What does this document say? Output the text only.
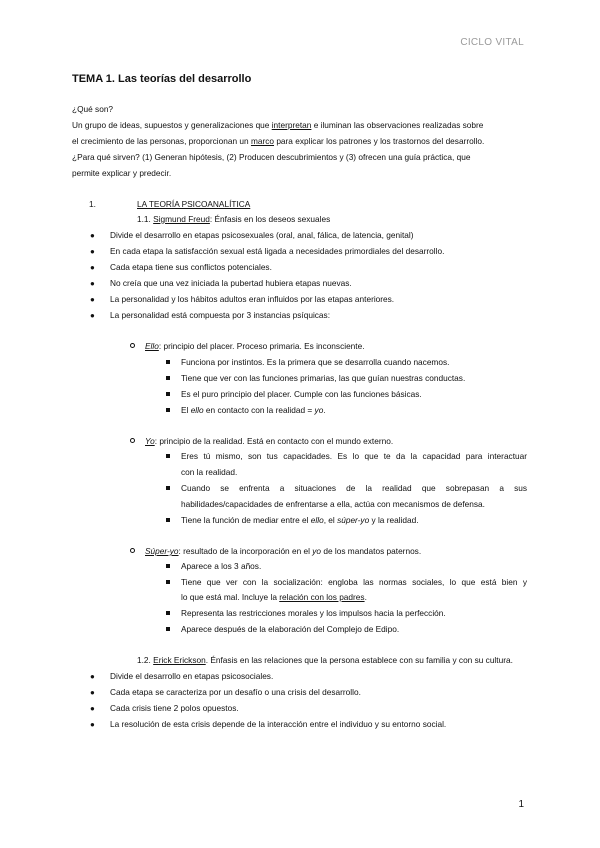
CICLO VITAL
TEMA 1. Las teorías del desarrollo
¿Qué son?
Un grupo de ideas, supuestos y generalizaciones que interpretan e iluminan las observaciones realizadas sobre
el crecimiento de las personas, proporcionan un marco para explicar los patrones y los trastornos del desarrollo.
¿Para qué sirven? (1) Generan hipótesis, (2) Producen descubrimientos y (3) ofrecen una guía práctica, que
permite explicar y predecir.
1.	LA TEORÍA PSICOANALÍTICA
1.1. Sigmund Freud: Énfasis en los deseos sexuales
● Divide el desarrollo en etapas psicosexuales (oral, anal, fálica, de latencia, genital)
● En cada etapa la satisfacción sexual está ligada a necesidades primordiales del desarrollo.
● Cada etapa tiene sus conflictos potenciales.
● No creía que una vez iniciada la pubertad hubiera etapas nuevas.
● La personalidad y los hábitos adultos eran influidos por las etapas anteriores.
● La personalidad está compuesta por 3 instancias psíquicas:
Ello: principio del placer. Proceso primaria. Es inconsciente.
Funciona por instintos. Es la primera que se desarrolla cuando nacemos.
Tiene que ver con las funciones primarias, las que guían nuestras conductas.
Es el puro principio del placer. Cumple con las funciones básicas.
El ello en contacto con la realidad = yo.
Yo: principio de la realidad. Está en contacto con el mundo externo.
Eres tú mismo, son tus capacidades. Es lo que te da la capacidad para interactuar
con la realidad.
Cuando se enfrenta a situaciones de la realidad que sobrepasan a sus
habilidades/capacidades de enfrentarse a ella, actúa con mecanismos de defensa.
Tiene la función de mediar entre el ello, el súper-yo y la realidad.
Súper-yo: resultado de la incorporación en el yo de los mandatos paternos.
Aparece a los 3 años.
Tiene que ver con la socialización: engloba las normas sociales, lo que está bien y
lo que está mal. Incluye la relación con los padres.
Representa las restricciones morales y los impulsos hacia la perfección.
Aparece después de la elaboración del Complejo de Edipo.
1.2. Erick Erickson. Énfasis en las relaciones que la persona establece con su familia y con su cultura.
● Divide el desarrollo en etapas psicosociales.
● Cada etapa se caracteriza por un desafío o una crisis del desarrollo.
● Cada crisis tiene 2 polos opuestos.
● La resolución de esta crisis depende de la interacción entre el individuo y su entorno social.
1
